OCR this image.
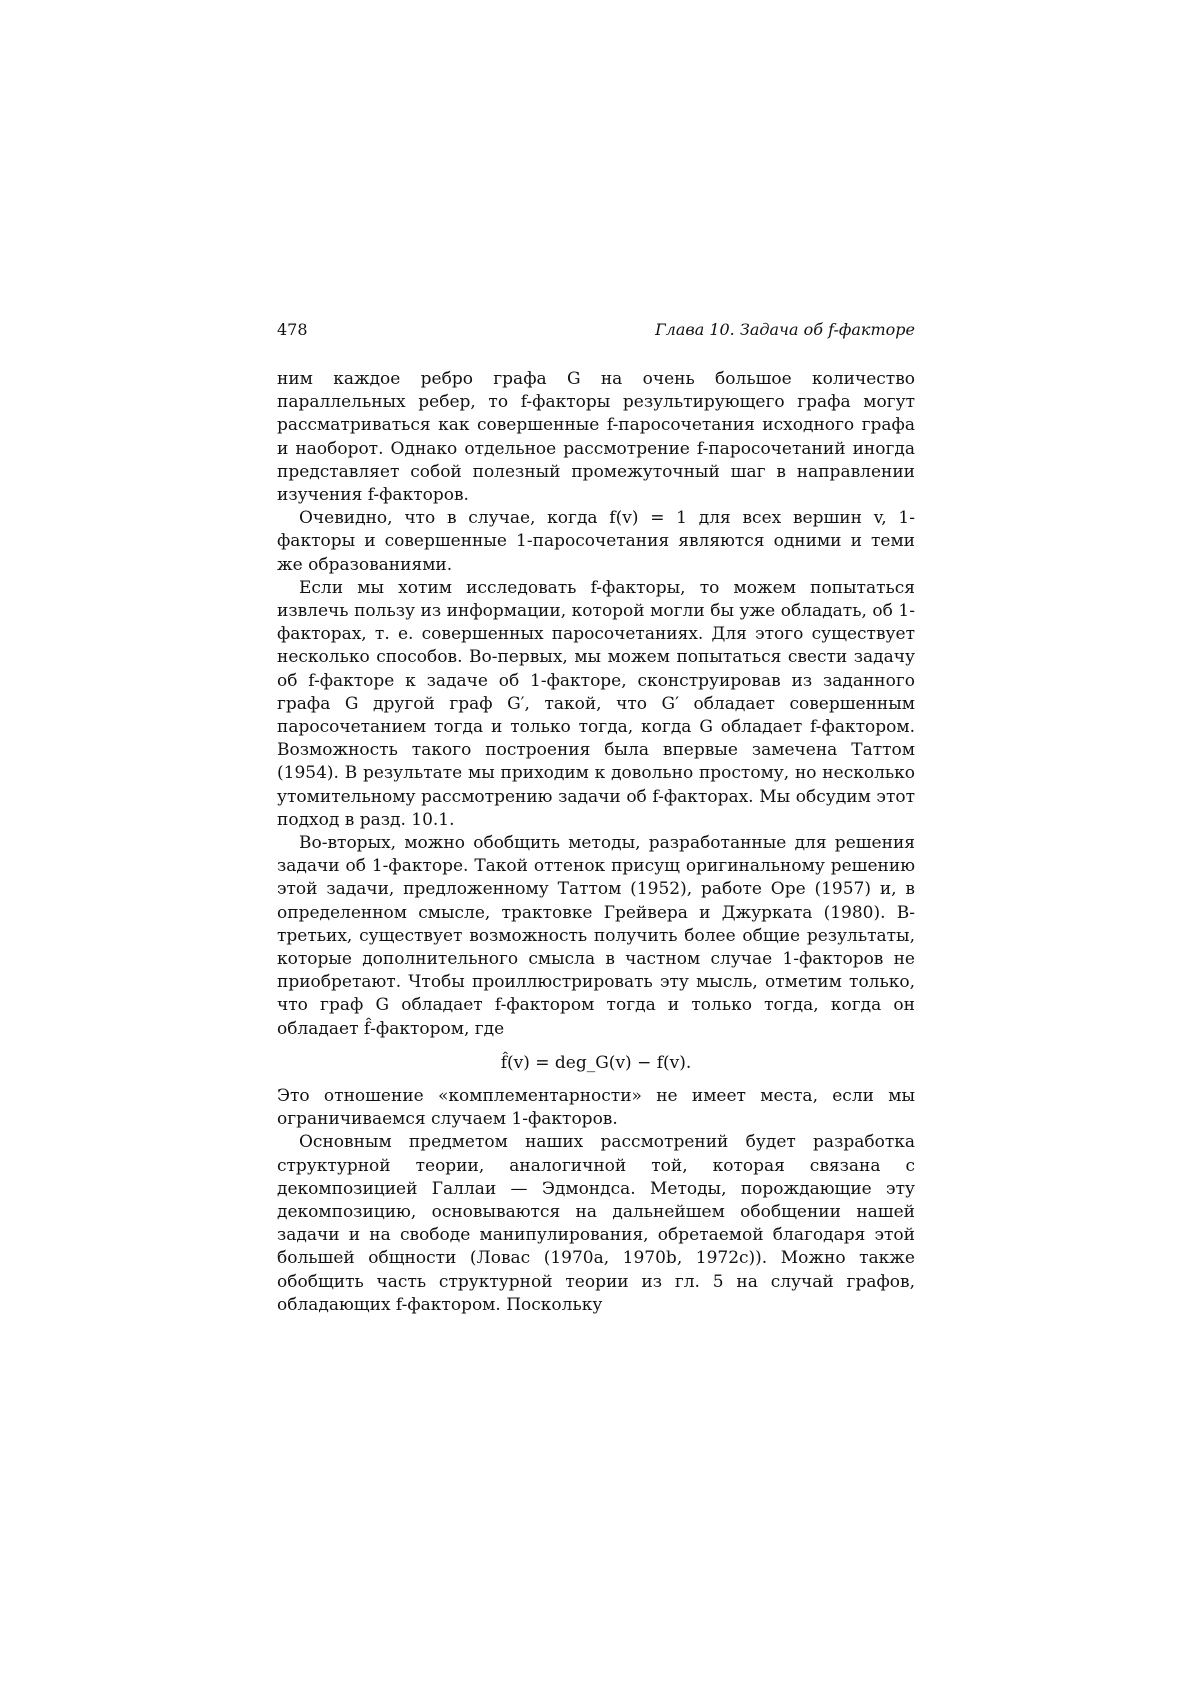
478	Глава 10. Задача об f-факторе

ним каждое ребро графа G на очень большое количество параллельных ребер, то f-факторы результирующего графа могут рассматриваться как совершенные f-паросочетания исходного графа и наоборот. Однако отдельное рассмотрение f-паросочетаний иногда представляет собой полезный промежуточный шаг в направлении изучения f-факторов.

Очевидно, что в случае, когда f(v) = 1 для всех вершин v, 1-факторы и совершенные 1-паросочетания являются одними и теми же образованиями.

Если мы хотим исследовать f-факторы, то можем попытаться извлечь пользу из информации, которой могли бы уже обладать, об 1-факторах, т. е. совершенных паросочетаниях. Для этого существует несколько способов. Во-первых, мы можем попытаться свести задачу об f-факторе к задаче об 1-факторе, сконструировав из заданного графа G другой граф G′, такой, что G′ обладает совершенным паросочетанием тогда и только тогда, когда G обладает f-фактором. Возможность такого построения была впервые замечена Таттом (1954). В результате мы приходим к довольно простому, но несколько утомительному рассмотрению задачи об f-факторах. Мы обсудим этот подход в разд. 10.1.

Во-вторых, можно обобщить методы, разработанные для решения задачи об 1-факторе. Такой оттенок присущ оригинальному решению этой задачи, предложенному Таттом (1952), работе Оре (1957) и, в определенном смысле, трактовке Грейвера и Джурката (1980). В-третьих, существует возможность получить более общие результаты, которые дополнительного смысла в частном случае 1-факторов не приобретают. Чтобы проиллюстрировать эту мысль, отметим только, что граф G обладает f-фактором тогда и только тогда, когда он обладает f̂-фактором, где

f̂(v) = deg_G(v) − f(v).

Это отношение «комплементарности» не имеет места, если мы ограничиваемся случаем 1-факторов.

Основным предметом наших рассмотрений будет разработка структурной теории, аналогичной той, которая связана с декомпозицией Галлаи — Эдмондса. Методы, порождающие эту декомпозицию, основываются на дальнейшем обобщении нашей задачи и на свободе манипулирования, обретаемой благодаря этой большей общности (Ловас (1970a, 1970b, 1972c)). Можно также обобщить часть структурной теории из гл. 5 на случай графов, обладающих f-фактором. Поскольку
